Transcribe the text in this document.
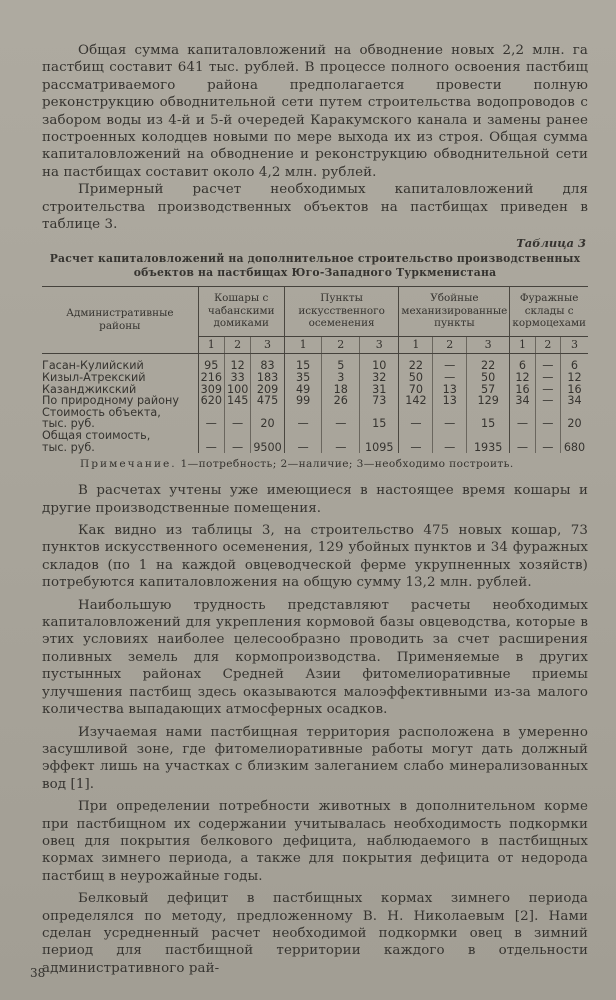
Общая сумма капиталовложений на обводнение новых 2,2 млн. га пастбищ составит 641 тыс. рублей. В процессе полного освоения пастбищ рассматриваемого района предполагается провести полную реконструкцию обводнительной сети путем строительства водопроводов с забором воды из 4-й и 5-й очередей Каракумского канала и замены ранее построенных колодцев новыми по мере выхода их из строя. Общая сумма капиталовложений на обводнение и реконструкцию обводнительной сети на пастбищах составит около 4,2 млн. рублей.

Примерный расчет необходимых капиталовложений для строительства производственных объектов на пастбищах приведен в таблице 3.

Таблица 3
Расчет капиталовложений на дополнительное строительство производственных
объектов на пастбищах Юго-Западного Туркменистана
Административные районы	Кошары с чабанскими домиками			Пункты искусственного осеменения			Убойные механизированные пункты			Фуражные склады с кормоцехами		
	1	2	3	1	2	3	1	2	3	1	2	3
Гасан-Кулийский	95	12	83	15	5	10	22	—	22	6	—	6
Кизыл-Атрекский	216	33	183	35	3	32	50	—	50	12	—	12
Казанджикский	309	100	209	49	18	31	70	13	57	16	—	16
По природному району	620	145	475	99	26	73	142	13	129	34	—	34
Стоимость объекта,												
тыс. руб.	—	—	20	—	—	15	—	—	15	—	—	20
Общая стоимость,												
тыс. руб.	—	—	9500	—	—	1095	—	—	1935	—	—	680
Примечание. 1—потребность; 2—наличие; 3—необходимо построить.

В расчетах учтены уже имеющиеся в настоящее время кошары и другие производственные помещения.

Как видно из таблицы 3, на строительство 475 новых кошар, 73 пунктов искусственного осеменения, 129 убойных пунктов и 34 фуражных складов (по 1 на каждой овцеводческой ферме укрупненных хозяйств) потребуются капиталовложения на общую сумму 13,2 млн. рублей.

Наибольшую трудность представляют расчеты необходимых капиталовложений для укрепления кормовой базы овцеводства, которые в этих условиях наиболее целесообразно проводить за счет расширения поливных земель для кормопроизводства. Применяемые в других пустынных районах Средней Азии фитомелиоративные приемы улучшения пастбищ здесь оказываются малоэффективными из-за малого количества выпадающих атмосферных осадков.

Изучаемая нами пастбищная территория расположена в умеренно засушливой зоне, где фитомелиоративные работы могут дать должный эффект лишь на участках с близким залеганием слабо минерализованных вод [1].

При определении потребности животных в дополнительном корме при пастбищном их содержании учитывалась необходимость подкормки овец для покрытия белкового дефицита, наблюдаемого в пастбищных кормах зимнего периода, а также для покрытия дефицита от недорода пастбищ в неурожайные годы.

Белковый дефицит в пастбищных кормах зимнего периода определялся по методу, предложенному В. Н. Николаевым [2]. Нами сделан усредненный расчет необходимой подкормки овец в зимний период для пастбищной территории каждого в отдельности административного рай-

38
